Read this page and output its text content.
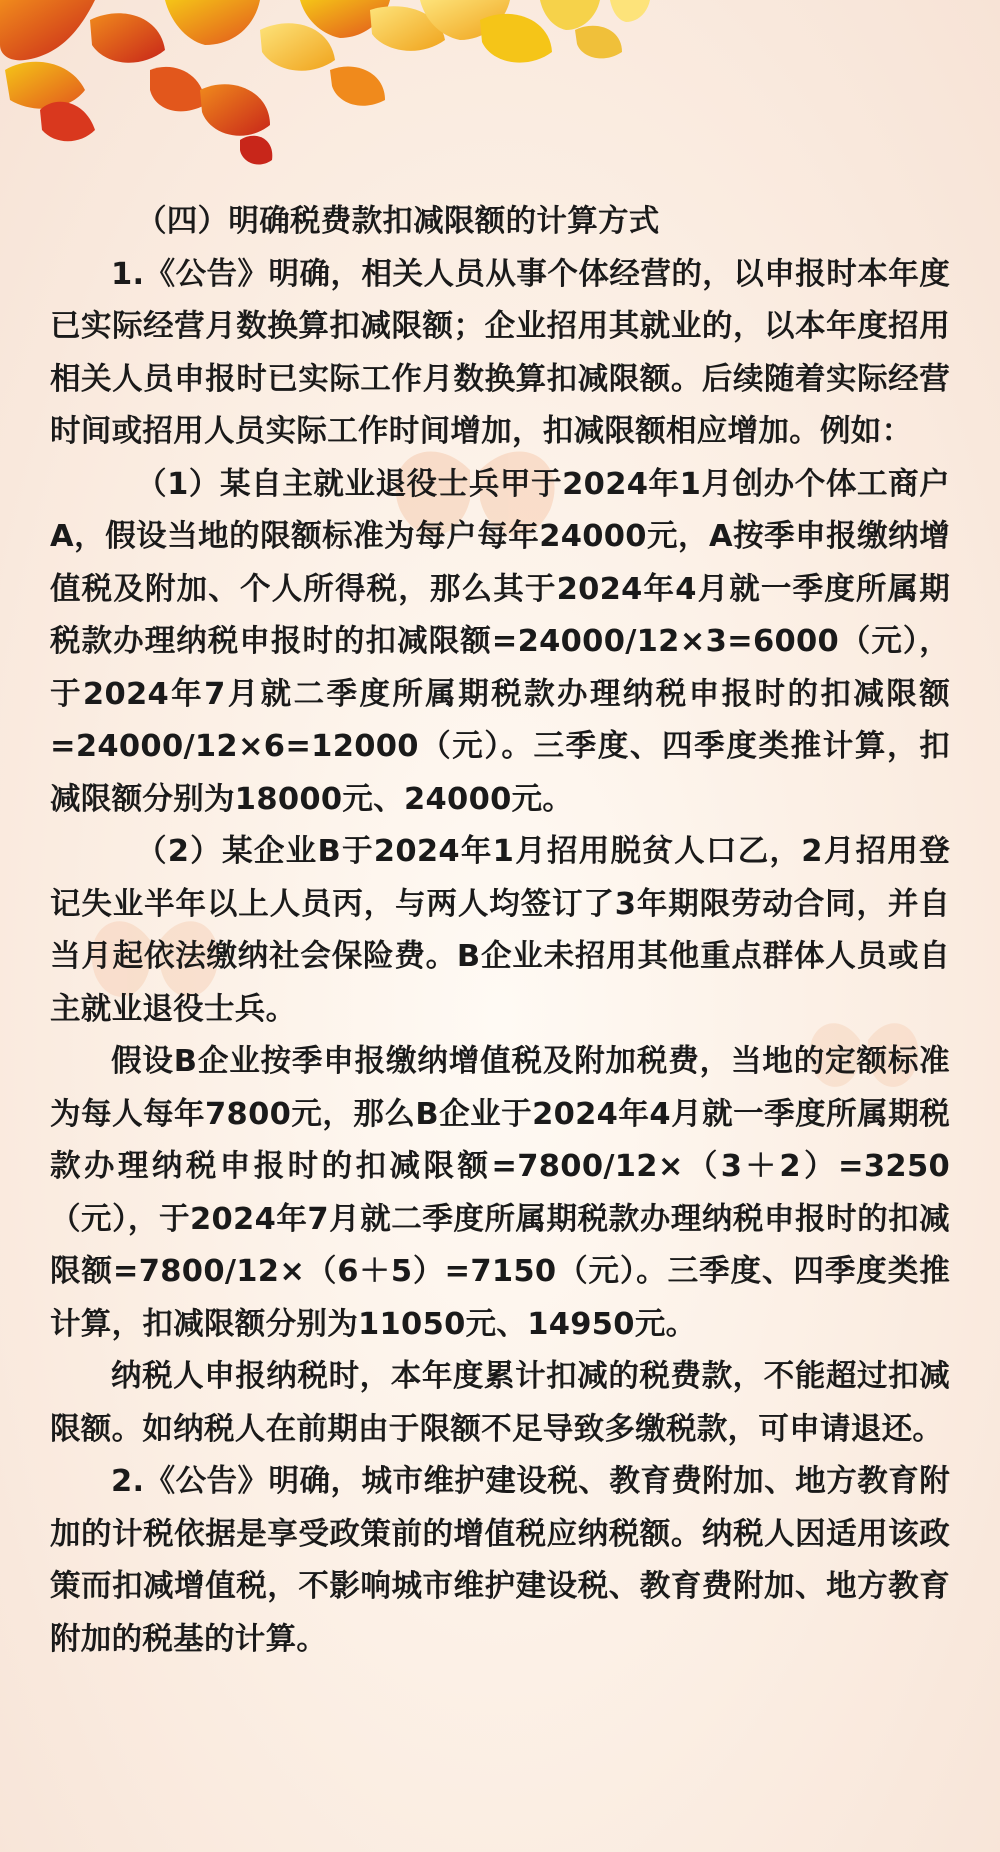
（四）明确税费款扣减限额的计算方式

1.《公告》明确，相关人员从事个体经营的，以申报时本年度已实际经营月数换算扣减限额；企业招用其就业的，以本年度招用相关人员申报时已实际工作月数换算扣减限额。后续随着实际经营时间或招用人员实际工作时间增加，扣减限额相应增加。例如：

（1）某自主就业退役士兵甲于2024年1月创办个体工商户A，假设当地的限额标准为每户每年24000元，A按季申报缴纳增值税及附加、个人所得税，那么其于2024年4月就一季度所属期税款办理纳税申报时的扣减限额=24000/12×3=6000（元），于2024年7月就二季度所属期税款办理纳税申报时的扣减限额=24000/12×6=12000（元）。三季度、四季度类推计算，扣减限额分别为18000元、24000元。

（2）某企业B于2024年1月招用脱贫人口乙，2月招用登记失业半年以上人员丙，与两人均签订了3年期限劳动合同，并自当月起依法缴纳社会保险费。B企业未招用其他重点群体人员或自主就业退役士兵。

假设B企业按季申报缴纳增值税及附加税费，当地的定额标准为每人每年7800元，那么B企业于2024年4月就一季度所属期税款办理纳税申报时的扣减限额=7800/12×（3＋2）=3250（元），于2024年7月就二季度所属期税款办理纳税申报时的扣减限额=7800/12×（6＋5）=7150（元）。三季度、四季度类推计算，扣减限额分别为11050元、14950元。

纳税人申报纳税时，本年度累计扣减的税费款，不能超过扣减限额。如纳税人在前期由于限额不足导致多缴税款，可申请退还。

2.《公告》明确，城市维护建设税、教育费附加、地方教育附加的计税依据是享受政策前的增值税应纳税额。纳税人因适用该政策而扣减增值税，不影响城市维护建设税、教育费附加、地方教育附加的税基的计算。
